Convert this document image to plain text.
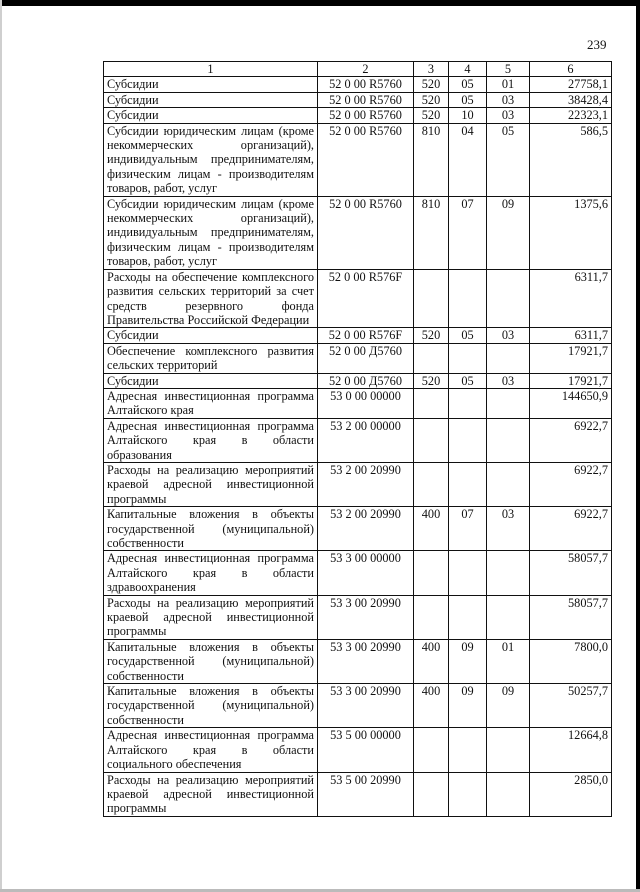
239
1	2	3	4	5	6
Субсидии	52 0 00 R5760	520	05	01	27758,1
Субсидии	52 0 00 R5760	520	05	03	38428,4
Субсидии	52 0 00 R5760	520	10	03	22323,1
Субсидии юридическим лицам (кроме некоммерческих организаций), индивидуальным предпринимателям, физическим лицам - производителям товаров, работ, услуг	52 0 00 R5760	810	04	05	586,5
Субсидии юридическим лицам (кроме некоммерческих организаций), индивидуальным предпринимателям, физическим лицам - производителям товаров, работ, услуг	52 0 00 R5760	810	07	09	1375,6
Расходы на обеспечение комплексного развития сельских территорий за счет средств резервного фонда Правительства Российской Федерации	52 0 00 R576F				6311,7
Субсидии	52 0 00 R576F	520	05	03	6311,7
Обеспечение комплексного развития сельских территорий	52 0 00 Д5760				17921,7
Субсидии	52 0 00 Д5760	520	05	03	17921,7
Адресная инвестиционная программа Алтайского края	53 0 00 00000				144650,9
Адресная инвестиционная программа Алтайского края в области образования	53 2 00 00000				6922,7
Расходы на реализацию мероприятий краевой адресной инвестиционной программы	53 2 00 20990				6922,7
Капитальные вложения в объекты государственной (муниципальной) собственности	53 2 00 20990	400	07	03	6922,7
Адресная инвестиционная программа Алтайского края в области здравоохранения	53 3 00 00000				58057,7
Расходы на реализацию мероприятий краевой адресной инвестиционной программы	53 3 00 20990				58057,7
Капитальные вложения в объекты государственной (муниципальной) собственности	53 3 00 20990	400	09	01	7800,0
Капитальные вложения в объекты государственной (муниципальной) собственности	53 3 00 20990	400	09	09	50257,7
Адресная инвестиционная программа Алтайского края в области социального обеспечения	53 5 00 00000				12664,8
Расходы на реализацию мероприятий краевой адресной инвестиционной программы	53 5 00 20990				2850,0
